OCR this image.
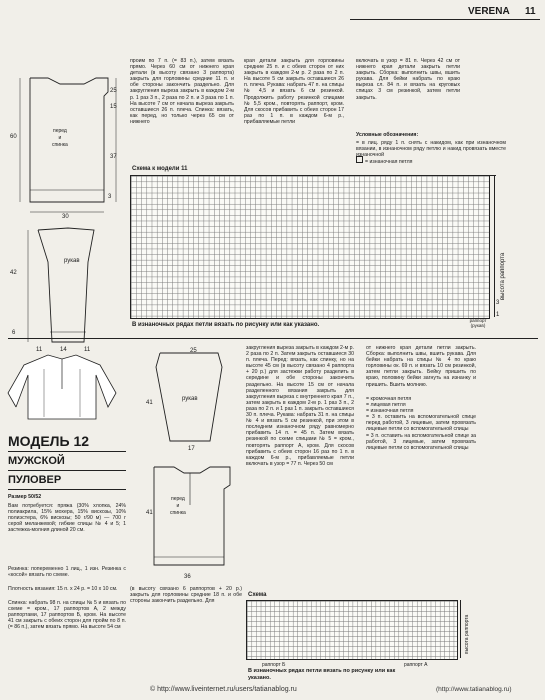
VERENA 11
перед
и
спинка
рукав
25
15
60
37
30
3
42
6
11	14	11
проим по 7 п. (= 83 п.), затем вязать прямо. Через 60 см от нижнего края детали (в высоту связано 3 раппорта) закрыть для горловины средние 11 п. и обе стороны закончить раздельно. Для закругления выреза закрыть в каждом 2-м р. 1 раз 3 п., 2 раза по 2 п. и 3 раза по 1 п. На высоте 7 см от начала выреза закрыть оставшиеся 26 п. плеча. Спинка: вязать, как перед, но только через 65 см от нижнего
края детали закрыть для горловины средние 25 п. и с обеих сторон от них закрыть в каждом 2-м р. 2 раза по 2 п. На высоте 5 см закрыть оставшиеся 26 п. плеча. Рукава: набрать 47 п. на спицы № 4,5 и вязать 6 см резинкой. Продолжить работу резинкой спицами № 5,5 кром., повторять раппорт, кром. Для скосов прибавить с обеих сторон 17 раз по 1 п. в каждом 6-м р., прибавляемые петли
включать в узор = 81 п. Через 42 см от нижнего края детали закрыть петли закрыть. Сборка: выполнить швы, вшить рукава. Для бейки набрать по краю выреза сл. 84 п. и вязать на круговых спицах 3 см резинкой, затем петли закрыть.
Условные обозначения:
= в лиц. ряду 1 п. снять с накидом, как при изнаночном вязании, в изнаночном ряду петлю и накид провязать вместе изнаночной
= изнаночная петля
Схема к модели 11
высота раппорта
3
1
раппорт (рукав)
В изнаночных рядах петли вязать по рисунку или как указано.
МОДЕЛЬ 12
МУЖСКОЙ
ПУЛОВЕР
Размер 50/52
Вам потребуется: пряжа (30% хлопка, 24% полиакрила, 15% мохера, 15% вискозы, 10% полиэстера, 6% вискозы; 50 г/90 м) — 700 г серой меланжевой; гибкие спицы № 4 и 5; 1 застежка-молния длиной 20 см.
Резинка: попеременно 1 лиц., 1 изн. Резинка с «косой» вязать по схеме.
Плотность вязания: 15 п. x 24 р. = 10 x 10 см.
Спинка: набрать 98 п. на спицы № 5 и вязать по схеме = кром., 17 раппортов А, 2 между раппортами, 17 раппортов Б, кром. На высоте 41 см закрыть с обеих сторон для пройм по 8 п. (= 86 п.), затем вязать прямо. На высоте 54 см
рукав
перед
и
спинка
25
41
17
41
36
(в высоту связано 6 раппортов + 20 р.) закрыть для горловины средние 18 п. и обе стороны закончить раздельно. Для
закругления выреза закрыть в каждом 2-м р. 2 раза по 2 п. Затем закрыть оставшиеся 30 п. плеча. Перед: вязать, как спинку, но на высоте 45 см (в высоту связано 4 раппорта + 20 р.) для застежки работу разделить в середине и обе стороны закончить раздельно. На высоте 15 см от начала разделенного вязания закрыть для закругления выреза с внутреннего края 7 п., затем закрыть в каждом 2-м р. 1 раз 3 п., 2 раза по 2 п. и 1 раз 1 п. закрыть оставшиеся 30 п. плеча. Рукава: набрать 31 п. на спицы № 4 и вязать 5 см резинкой, при этом в последнем изнаночном ряду равномерно прибавить 14 п. = 45 п. Затем вязать резинкой по схеме спицами № 5 = кром., повторять раппорт А, кром. Для скосов прибавить с обеих сторон 16 раз по 1 п. в каждом 6-м р., прибавляемые петли включать в узор = 77 п. Через 50 см
от нижнего края детали петли закрыть. Сборка: выполнить швы, вшить рукава. Для бейки набрать на спицы № 4 по краю горловины ок. 69 п. и вязать 10 см резинкой, затем петли закрыть. Бейку пришить по краю, половину бейки загнуть на изнанку и пришить. Вшить молнию.
= кромочная петля
= лицевая петля
= изнаночная петля
= 3 п. оставить на вспомогательной спице перед работой, 3 лицевые, затем провязать лицевые петли со вспомогательной спицы
= 3 п. оставить на вспомогательной спице за работой, 3 лицевые, затем провязать лицевые петли со вспомогательной спицы
Схема
высота раппорта
раппорт Б	раппорт А
В изнаночных рядах петли вязать по рисунку или как указано.
© http://www.liveinternet.ru/users/tatianablog.ru	(http://www.tatianablog.ru)
